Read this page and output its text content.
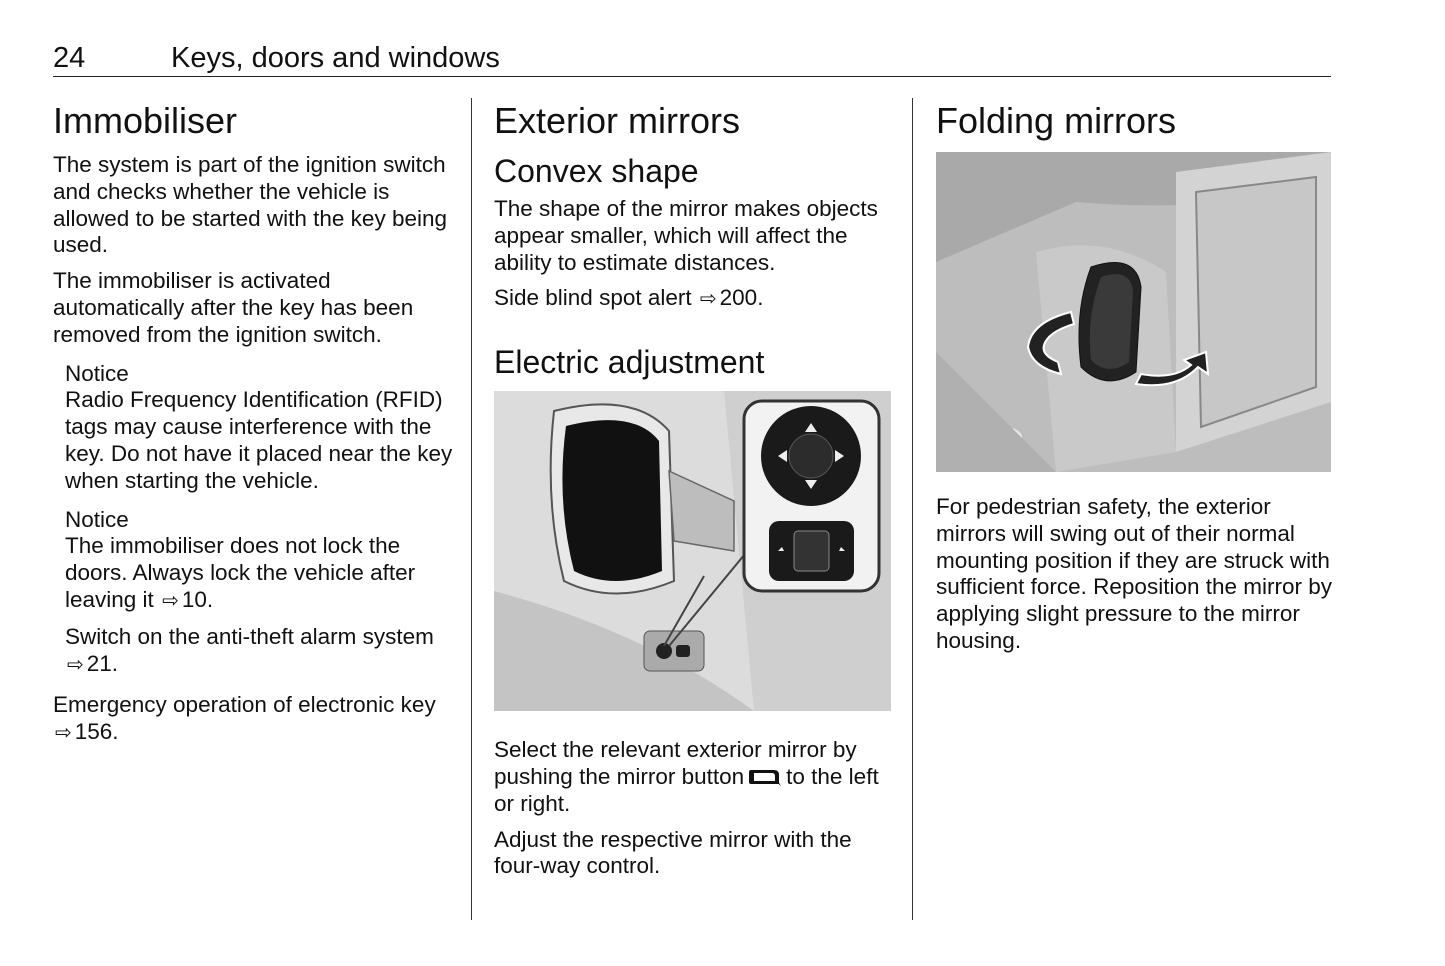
24	Keys, doors and windows
Immobiliser

The system is part of the ignition switch and checks whether the vehicle is allowed to be started with the key being used.

The immobiliser is activated automatically after the key has been removed from the ignition switch.

Notice

Radio Frequency Identification (RFID) tags may cause interference with the key. Do not have it placed near the key when starting the vehicle.

Notice

The immobiliser does not lock the doors. Always lock the vehicle after leaving it ⇨ 10.

Switch on the anti-theft alarm system ⇨ 21.

Emergency operation of electronic key ⇨ 156.

Exterior mirrors
Convex shape

The shape of the mirror makes objects appear smaller, which will affect the ability to estimate distances.

Side blind spot alert ⇨ 200.

Electric adjustment

Select the relevant exterior mirror by pushing the mirror button to the left or right.

Adjust the respective mirror with the four-way control.

Folding mirrors

For pedestrian safety, the exterior mirrors will swing out of their normal mounting position if they are struck with sufficient force. Reposition the mirror by applying slight pressure to the mirror housing.
